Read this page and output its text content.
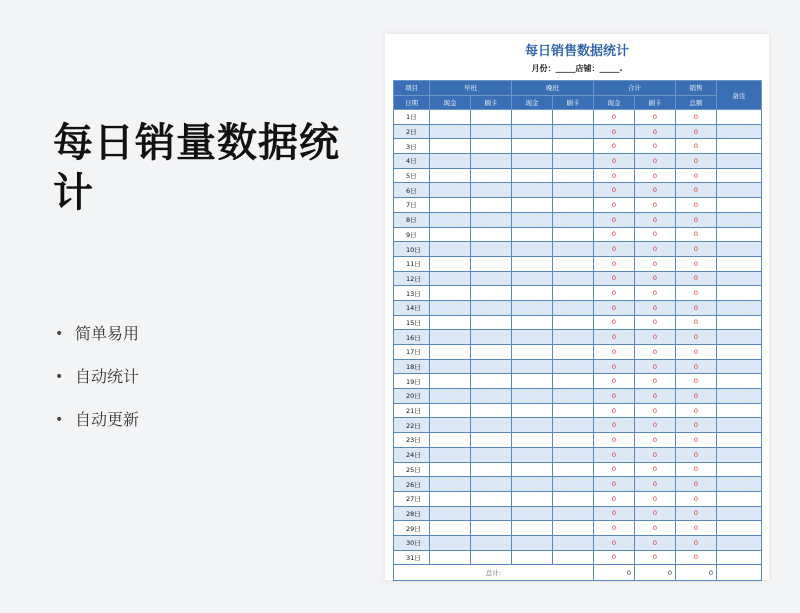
每日销量数据统计
• 简单易用
• 自动统计
• 自动更新
每日销售数据统计
月份：_____店铺：_____.
项目	早班		晚班		合计		销售	备注
日期	现金	刷卡	现金	刷卡	现金	刷卡	总额	
1日					0	0	0	
2日					0	0	0	
3日					0	0	0	
4日					0	0	0	
5日					0	0	0	
6日					0	0	0	
7日					0	0	0	
8日					0	0	0	
9日					0	0	0	
10日					0	0	0	
11日					0	0	0	
12日					0	0	0	
13日					0	0	0	
14日					0	0	0	
15日					0	0	0	
16日					0	0	0	
17日					0	0	0	
18日					0	0	0	
19日					0	0	0	
20日					0	0	0	
21日					0	0	0	
22日					0	0	0	
23日					0	0	0	
24日					0	0	0	
25日					0	0	0	
26日					0	0	0	
27日					0	0	0	
28日					0	0	0	
29日					0	0	0	
30日					0	0	0	
31日					0	0	0	
总计:					0	0	0	
